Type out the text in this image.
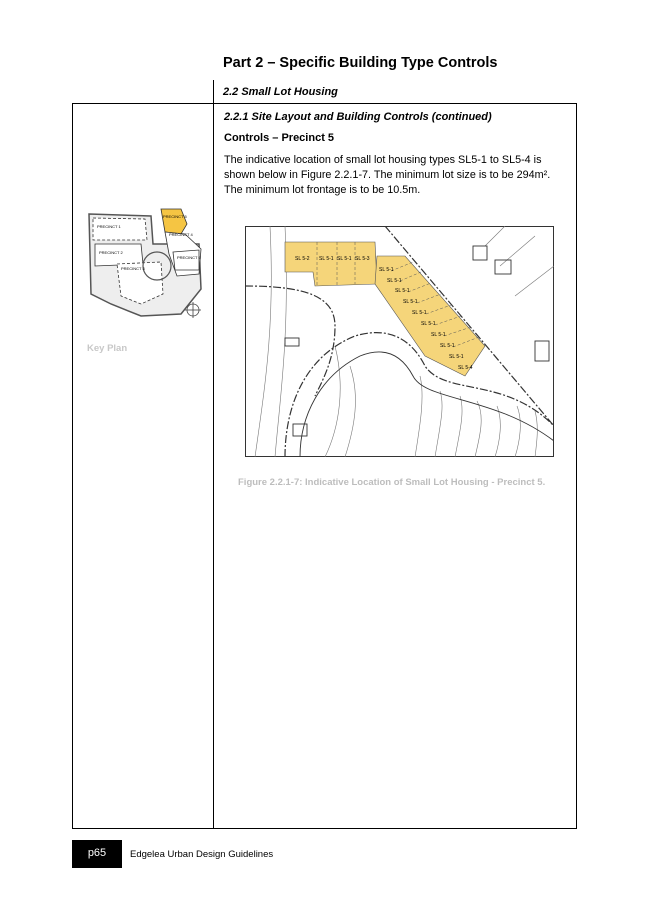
Part 2 – Specific Building Type Controls
2.2 Small Lot Housing
PRECINCT 1
PRECINCT 5
PRECINCT 4
PRECINCT 2
PRECINCT 3
PRECINCT 6
Key Plan
2.2.1 Site Layout and Building Controls (continued)
Controls – Precinct 5
The indicative location of small lot housing types SL5-1 to SL5-4 is shown below in Figure 2.2.1-7. The minimum lot size is to be 294m². The minimum lot frontage is to be 10.5m.
SL 5-2 SL 5-1 SL 5-1 SL 5-3
SL 5-1
SL 5-1
SL 5-1
SL 5-1
SL 5-1
SL 5-1
SL 5-1
SL 5-1
SL 5-1
SL 5-4
Figure 2.2.1-7: Indicative Location of Small Lot Housing - Precinct 5.
p65	Edgelea Urban Design Guidelines
